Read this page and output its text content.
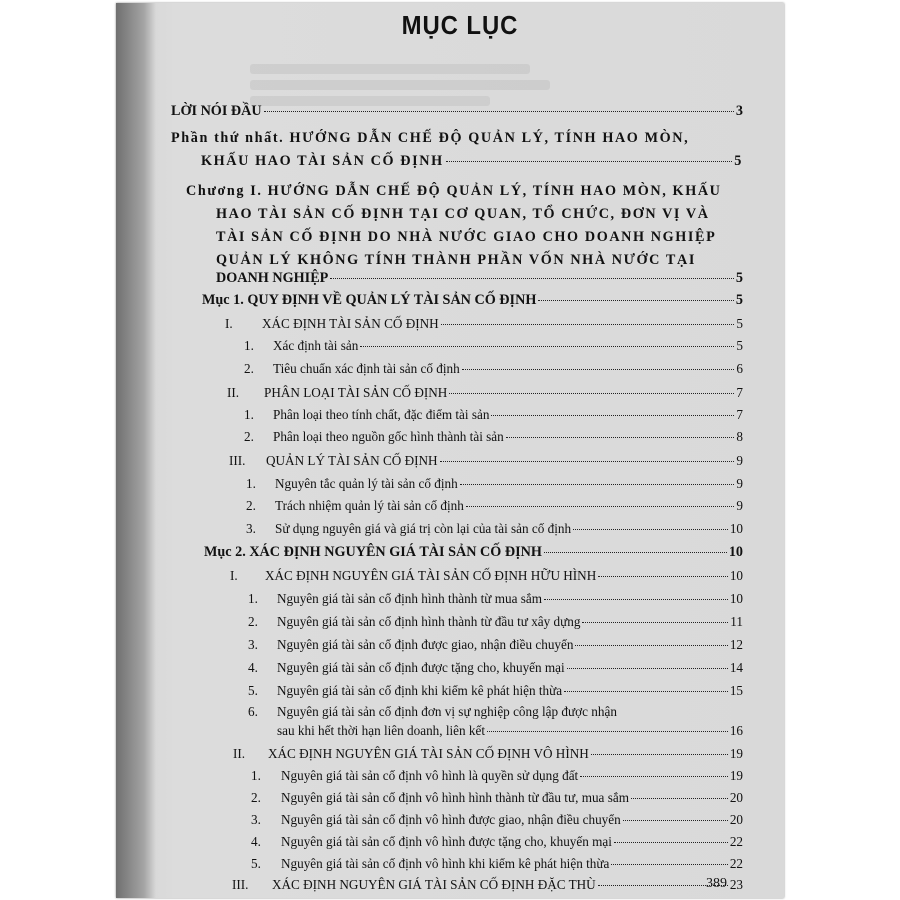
MỤC LỤC
LỜI NÓI ĐẦU	3
Phần thứ nhất. HƯỚNG DẪN CHẾ ĐỘ QUẢN LÝ, TÍNH HAO MÒN,
KHẤU HAO TÀI SẢN CỐ ĐỊNH	5
Chương I. HƯỚNG DẪN CHẾ ĐỘ QUẢN LÝ, TÍNH HAO MÒN, KHẤU
HAO TÀI SẢN CỐ ĐỊNH TẠI CƠ QUAN, TỔ CHỨC, ĐƠN VỊ VÀ
TÀI SẢN CỐ ĐỊNH DO NHÀ NƯỚC GIAO CHO DOANH NGHIỆP
QUẢN LÝ KHÔNG TÍNH THÀNH PHẦN VỐN NHÀ NƯỚC TẠI
DOANH NGHIỆP	5
Mục 1. QUY ĐỊNH VỀ QUẢN LÝ TÀI SẢN CỐ ĐỊNH	5
I. XÁC ĐỊNH TÀI SẢN CỐ ĐỊNH	5
1. Xác định tài sản	5
2. Tiêu chuẩn xác định tài sản cố định	6
II. PHÂN LOẠI TÀI SẢN CỐ ĐỊNH	7
1. Phân loại theo tính chất, đặc điểm tài sản	7
2. Phân loại theo nguồn gốc hình thành tài sản	8
III. QUẢN LÝ TÀI SẢN CỐ ĐỊNH	9
1. Nguyên tắc quản lý tài sản cố định	9
2. Trách nhiệm quản lý tài sản cố định	9
3. Sử dụng nguyên giá và giá trị còn lại của tài sản cố định	10
Mục 2. XÁC ĐỊNH NGUYÊN GIÁ TÀI SẢN CỐ ĐỊNH	10
I. XÁC ĐỊNH NGUYÊN GIÁ TÀI SẢN CỐ ĐỊNH HỮU HÌNH	10
1. Nguyên giá tài sản cố định hình thành từ mua sắm	10
2. Nguyên giá tài sản cố định hình thành từ đầu tư xây dựng	11
3. Nguyên giá tài sản cố định được giao, nhận điều chuyển	12
4. Nguyên giá tài sản cố định được tặng cho, khuyến mại	14
5. Nguyên giá tài sản cố định khi kiểm kê phát hiện thừa	15
6. Nguyên giá tài sản cố định đơn vị sự nghiệp công lập được nhận
sau khi hết thời hạn liên doanh, liên kết	16
II. XÁC ĐỊNH NGUYÊN GIÁ TÀI SẢN CỐ ĐỊNH VÔ HÌNH	19
1. Nguyên giá tài sản cố định vô hình là quyền sử dụng đất	19
2. Nguyên giá tài sản cố định vô hình hình thành từ đầu tư, mua sắm	20
3. Nguyên giá tài sản cố định vô hình được giao, nhận điều chuyển	20
4. Nguyên giá tài sản cố định vô hình được tặng cho, khuyến mại	22
5. Nguyên giá tài sản cố định vô hình khi kiểm kê phát hiện thừa	22
III. XÁC ĐỊNH NGUYÊN GIÁ TÀI SẢN CỐ ĐỊNH ĐẶC THÙ	23
389
